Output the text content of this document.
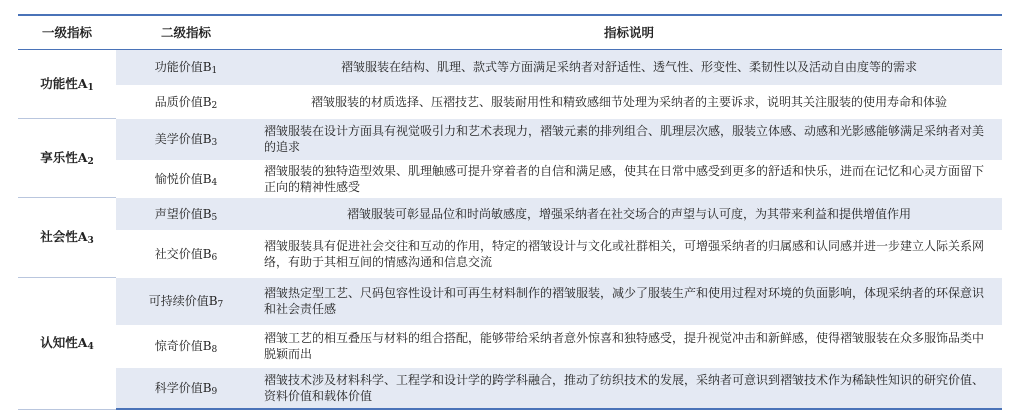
一级指标	二级指标	指标说明
功能性$A_1$	功能价值$B_1$	褶皱服装在结构、肌理、款式等方面满足采纳者对舒适性、透气性、形变性、柔韧性以及活动自由度等的需求
	品质价值$B_2$	褶皱服装的材质选择、压褶技艺、服装耐用性和精致感细节处理为采纳者的主要诉求，说明其关注服装的使用寿命和体验
享乐性$A_2$	美学价值$B_3$	褶皱服装在设计方面具有视觉吸引力和艺术表现力，褶皱元素的排列组合、肌理层次感，服装立体感、动感和光影感能够满足采纳者对美的追求
	愉悦价值$B_4$	褶皱服装的独特造型效果、肌理触感可提升穿着者的自信和满足感，使其在日常中感受到更多的舒适和快乐，进而在记忆和心灵方面留下正向的精神性感受
社会性$A_3$	声望价值$B_5$	褶皱服装可彰显品位和时尚敏感度，增强采纳者在社交场合的声望与认可度，为其带来利益和提供增值作用
	社交价值$B_6$	褶皱服装具有促进社会交往和互动的作用，特定的褶皱设计与文化或社群相关，可增强采纳者的归属感和认同感并进一步建立人际关系网络，有助于其相互间的情感沟通和信息交流
认知性$A_4$	可持续价值$B_7$	褶皱热定型工艺、尺码包容性设计和可再生材料制作的褶皱服装，减少了服装生产和使用过程对环境的负面影响，体现采纳者的环保意识和社会责任感
	惊奇价值$B_8$	褶皱工艺的相互叠压与材料的组合搭配，能够带给采纳者意外惊喜和独特感受，提升视觉冲击和新鲜感，使得褶皱服装在众多服饰品类中脱颖而出
	科学价值$B_9$	褶皱技术涉及材料科学、工程学和设计学的跨学科融合，推动了纺织技术的发展，采纳者可意识到褶皱技术作为稀缺性知识的研究价值、资料价值和载体价值
